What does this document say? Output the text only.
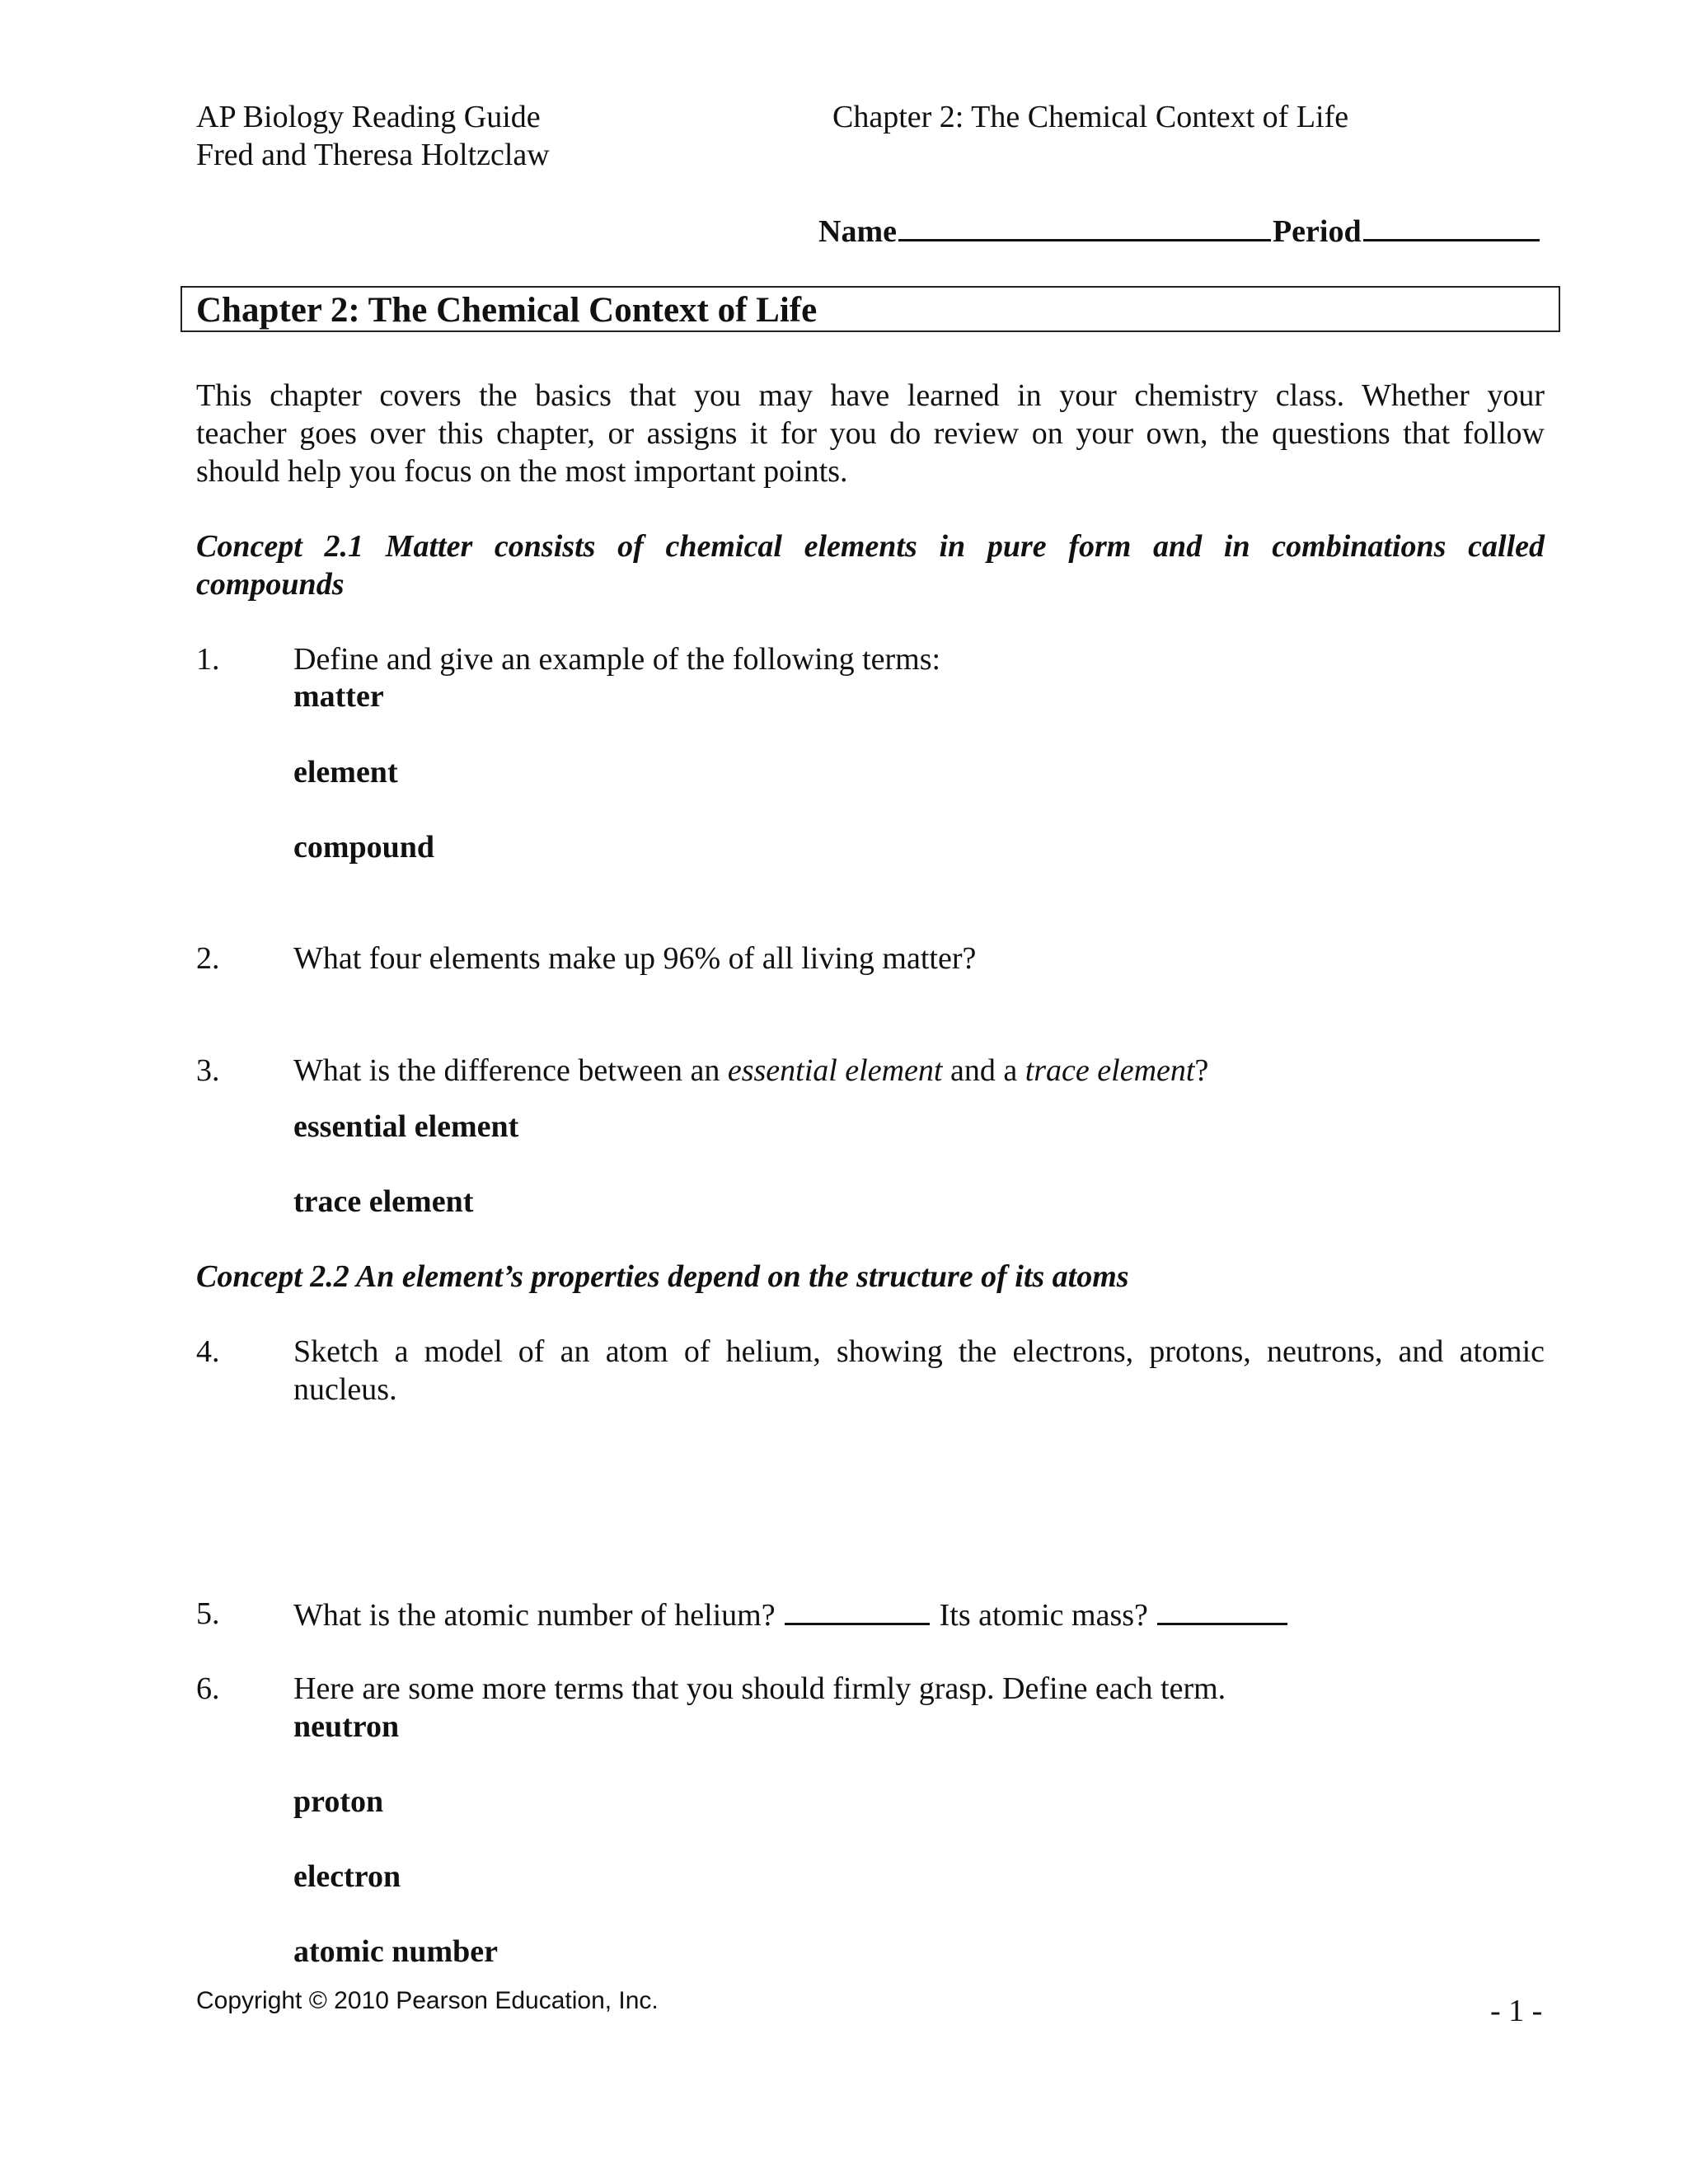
AP Biology Reading Guide
Fred and Theresa Holtzclaw
Chapter 2: The Chemical Context of Life
Name	Period
Chapter 2: The Chemical Context of Life
This chapter covers the basics that you may have learned in your chemistry class. Whether your
teacher goes over this chapter, or assigns it for you do review on your own, the questions that follow
should help you focus on the most important points.
Concept 2.1 Matter consists of chemical elements in pure form and in combinations called
compounds
1. Define and give an example of the following terms:
matter
element
compound
2. What four elements make up 96% of all living matter?
3. What is the difference between an essential element and a trace element?
essential element
trace element
Concept 2.2 An element’s properties depend on the structure of its atoms
4. Sketch a model of an atom of helium, showing the electrons, protons, neutrons, and atomic
nucleus.
5. What is the atomic number of helium?	Its atomic mass?
6. Here are some more terms that you should firmly grasp. Define each term.
neutron
proton
electron
atomic number
Copyright © 2010 Pearson Education, Inc.	- 1 -
